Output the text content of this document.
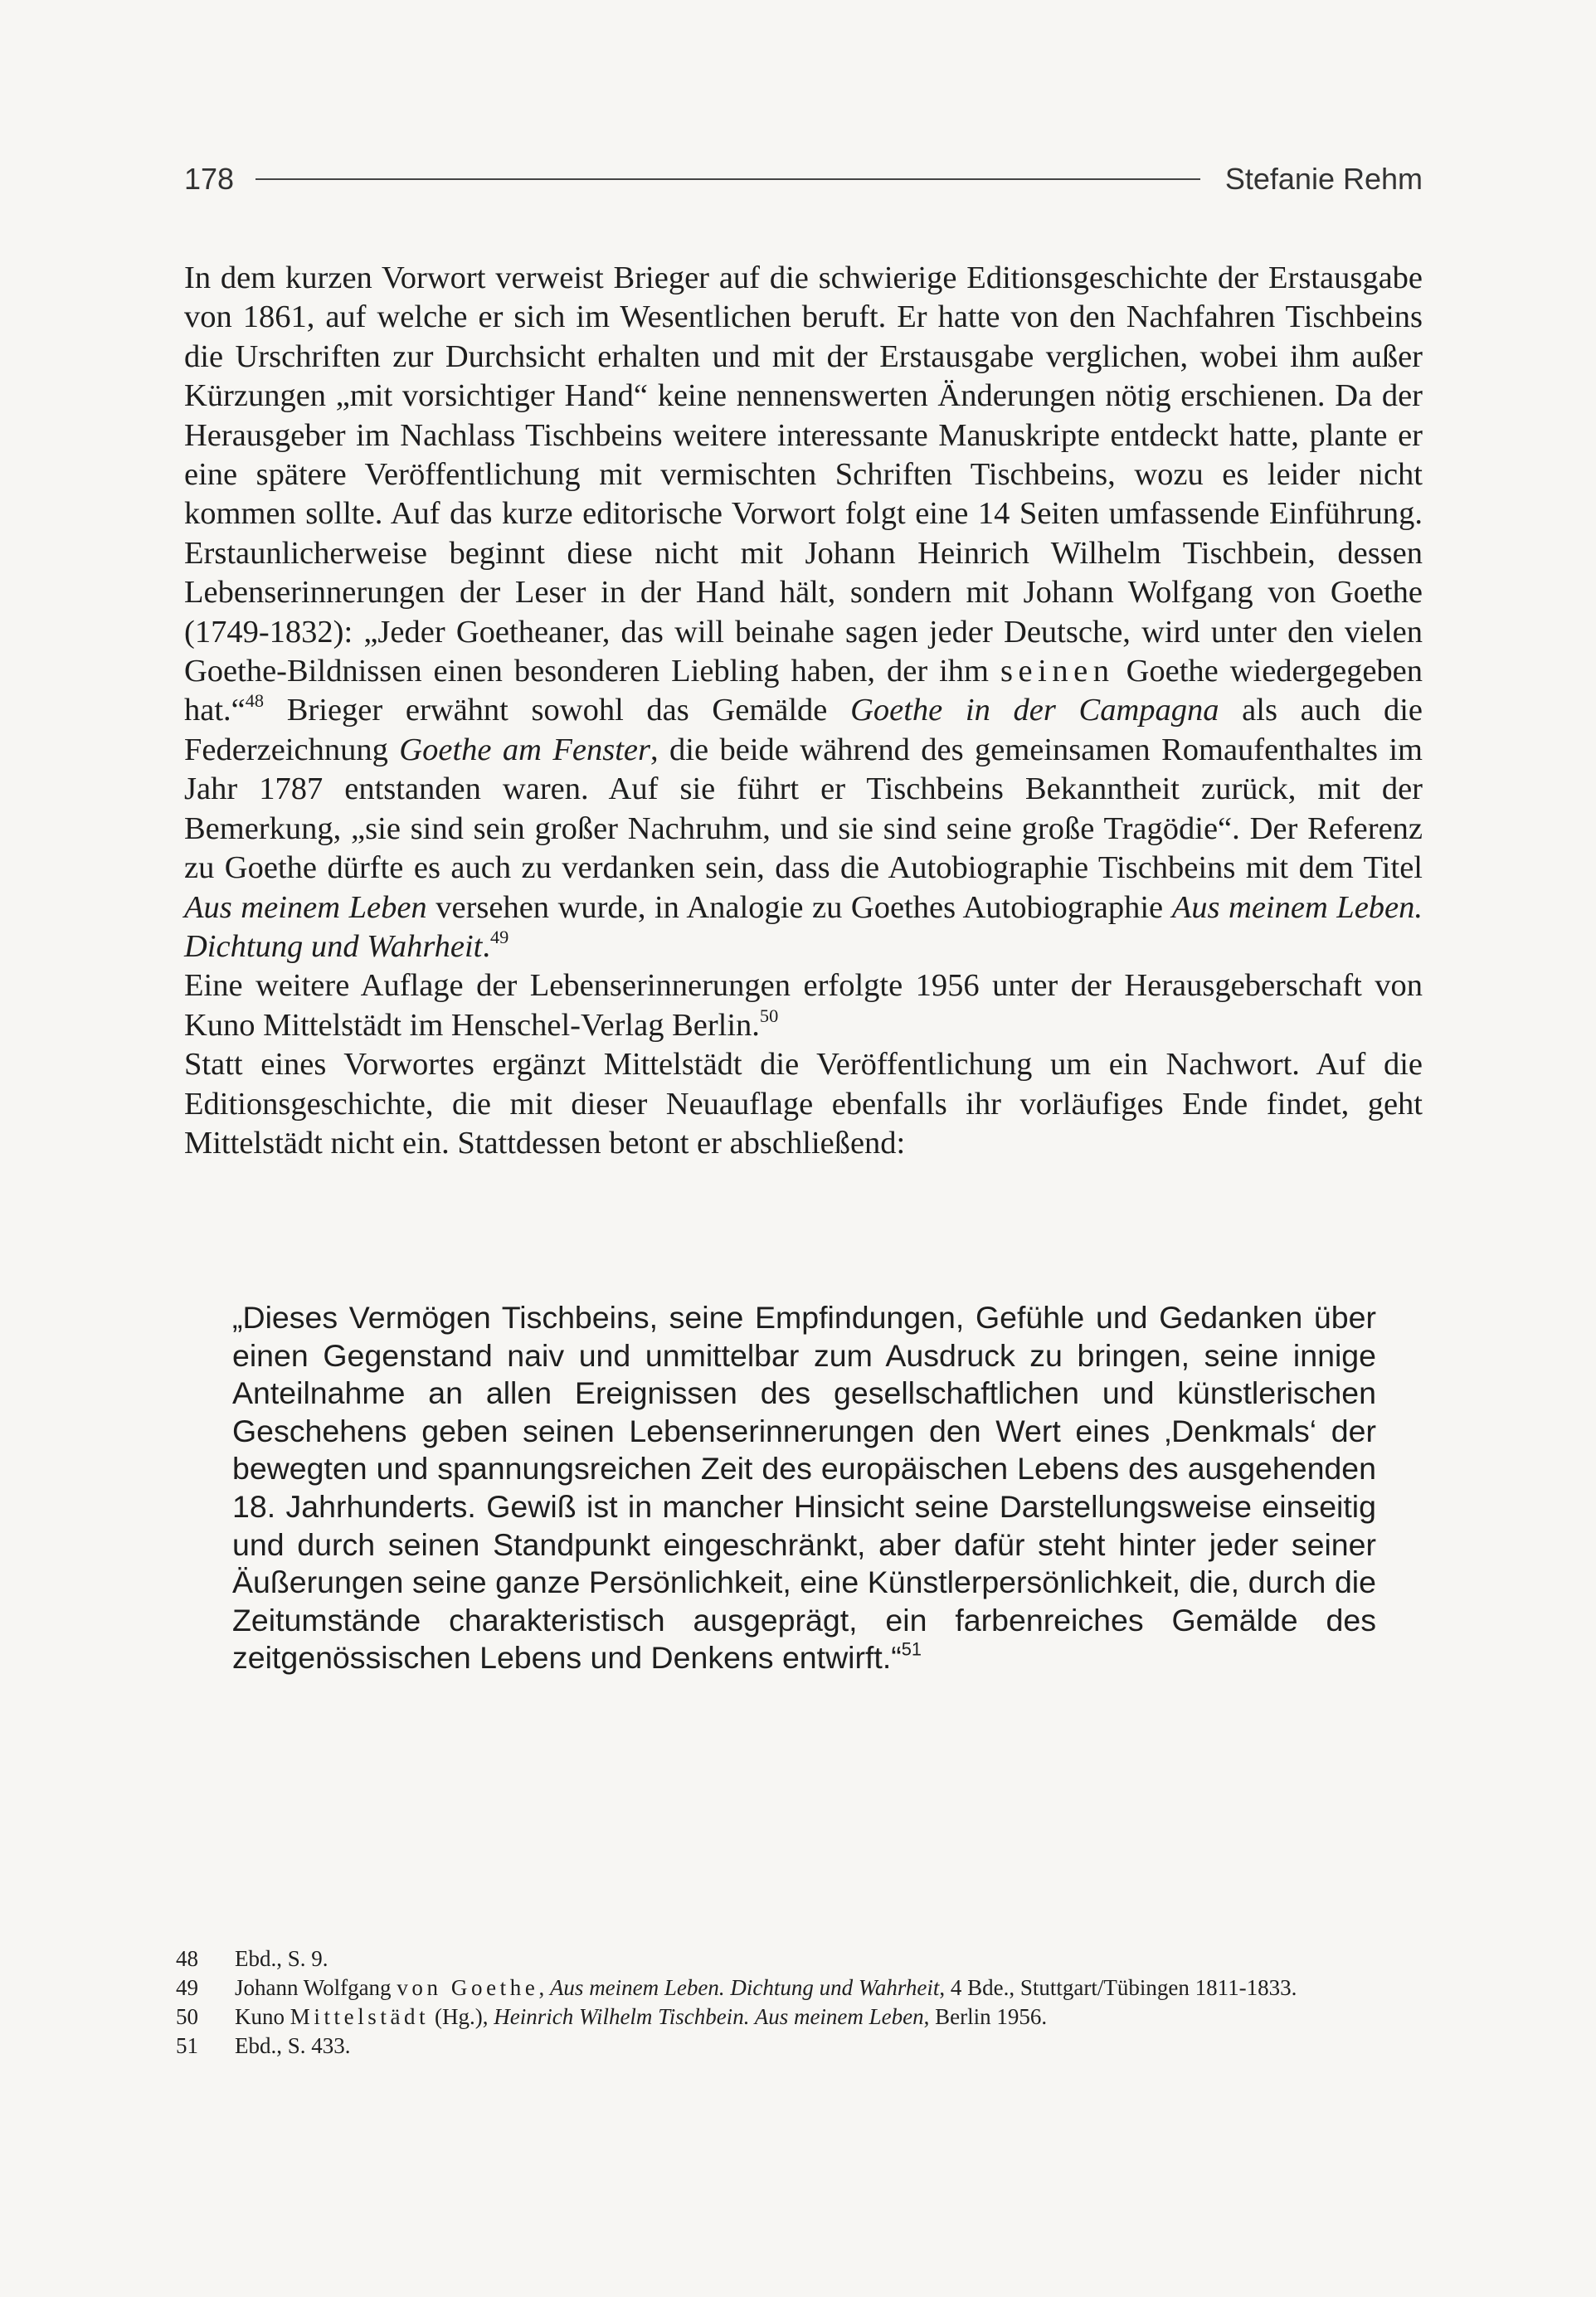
178	Stefanie Rehm

In dem kurzen Vorwort verweist Brieger auf die schwierige Editionsgeschichte der Erstausgabe von 1861, auf welche er sich im Wesentlichen beruft. Er hatte von den Nachfahren Tischbeins die Urschriften zur Durchsicht erhalten und mit der Erstausgabe verglichen, wobei ihm außer Kürzungen „mit vorsichtiger Hand“ keine nennenswerten Änderungen nötig erschienen. Da der Herausgeber im Nachlass Tischbeins weitere interessante Manuskripte entdeckt hatte, plante er eine spätere Veröffentlichung mit vermischten Schriften Tischbeins, wozu es leider nicht kommen sollte. Auf das kurze editorische Vorwort folgt eine 14 Seiten umfassende Einführung. Erstaunlicherweise beginnt diese nicht mit Johann Heinrich Wilhelm Tischbein, dessen Lebenserinnerungen der Leser in der Hand hält, sondern mit Johann Wolfgang von Goethe (1749-1832): „Jeder Goetheaner, das will beinahe sagen jeder Deutsche, wird unter den vielen Goethe-Bildnissen einen besonderen Liebling haben, der ihm seinen Goethe wiedergegeben hat.“$^{48}$ Brieger erwähnt sowohl das Gemälde Goethe in der Campagna als auch die Federzeichnung Goethe am Fenster, die beide während des gemeinsamen Romaufenthaltes im Jahr 1787 entstanden waren. Auf sie führt er Tischbeins Bekanntheit zurück, mit der Bemerkung, „sie sind sein großer Nachruhm, und sie sind seine große Tragödie“. Der Referenz zu Goethe dürfte es auch zu verdanken sein, dass die Autobiographie Tischbeins mit dem Titel Aus meinem Leben versehen wurde, in Analogie zu Goethes Autobiographie Aus meinem Leben. Dichtung und Wahrheit.$^{49}$

Eine weitere Auflage der Lebenserinnerungen erfolgte 1956 unter der Herausgeberschaft von Kuno Mittelstädt im Henschel-Verlag Berlin.$^{50}$

Statt eines Vorwortes ergänzt Mittelstädt die Veröffentlichung um ein Nachwort. Auf die Editionsgeschichte, die mit dieser Neuauflage ebenfalls ihr vorläufiges Ende findet, geht Mittelstädt nicht ein. Stattdessen betont er abschließend:

„Dieses Vermögen Tischbeins, seine Empfindungen, Gefühle und Gedanken über einen Gegenstand naiv und unmittelbar zum Ausdruck zu bringen, seine innige Anteilnahme an allen Ereignissen des gesellschaftlichen und künstlerischen Geschehens geben seinen Lebenserinnerungen den Wert eines ‚Denkmals‘ der bewegten und spannungsreichen Zeit des europäischen Lebens des ausgehenden 18. Jahrhunderts. Gewiß ist in mancher Hinsicht seine Darstellungsweise einseitig und durch seinen Standpunkt eingeschränkt, aber dafür steht hinter jeder seiner Äußerungen seine ganze Persönlichkeit, eine Künstlerpersönlichkeit, die, durch die Zeitumstände charakteristisch ausgeprägt, ein farbenreiches Gemälde des zeitgenössischen Lebens und Denkens entwirft.“$^{51}$

48	Ebd., S. 9.
49	Johann Wolfgang von Goethe, Aus meinem Leben. Dichtung und Wahrheit, 4 Bde., Stuttgart/Tübingen 1811-1833.
50	Kuno Mittelstädt (Hg.), Heinrich Wilhelm Tischbein. Aus meinem Leben, Berlin 1956.
51	Ebd., S. 433.
